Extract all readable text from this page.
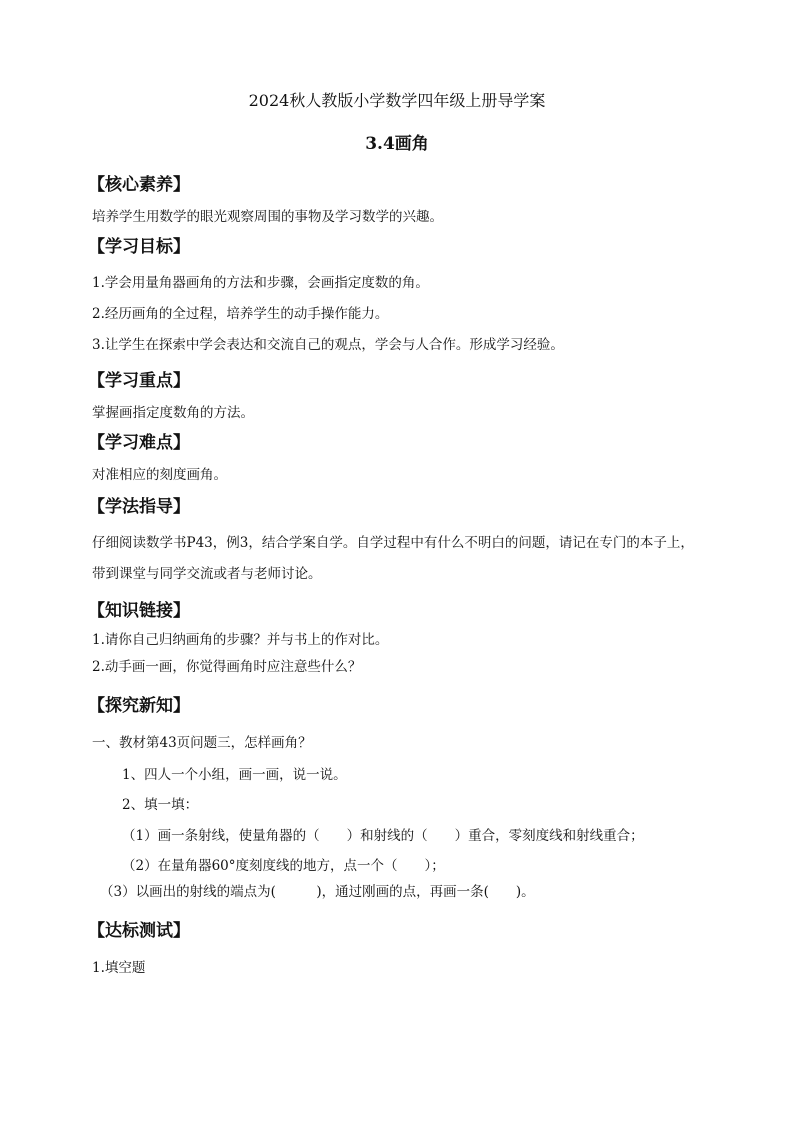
2024秋人教版小学数学四年级上册导学案
3.4画角
【核心素养】
培养学生用数学的眼光观察周围的事物及学习数学的兴趣。
【学习目标】
1.学会用量角器画角的方法和步骤，会画指定度数的角。
2.经历画角的全过程，培养学生的动手操作能力。
3.让学生在探索中学会表达和交流自己的观点，学会与人合作。形成学习经验。
【学习重点】
掌握画指定度数角的方法。
【学习难点】
对准相应的刻度画角。
【学法指导】
仔细阅读数学书P43，例3，结合学案自学。自学过程中有什么不明白的问题，请记在专门的本子上，
带到课堂与同学交流或者与老师讨论。
【知识链接】
1.请你自己归纳画角的步骤？并与书上的作对比。
2.动手画一画，你觉得画角时应注意些什么？
【探究新知】
一、教材第43页问题三，怎样画角？
1、四人一个小组，画一画，说一说。
2、填一填：
（1）画一条射线，使量角器的（　　）和射线的（　　）重合，零刻度线和射线重合；
（2）在量角器60°度刻度线的地方，点一个（　　）；
（3）以画出的射线的端点为(　　　)，通过刚画的点，再画一条(　　)。
【达标测试】
1.填空题
